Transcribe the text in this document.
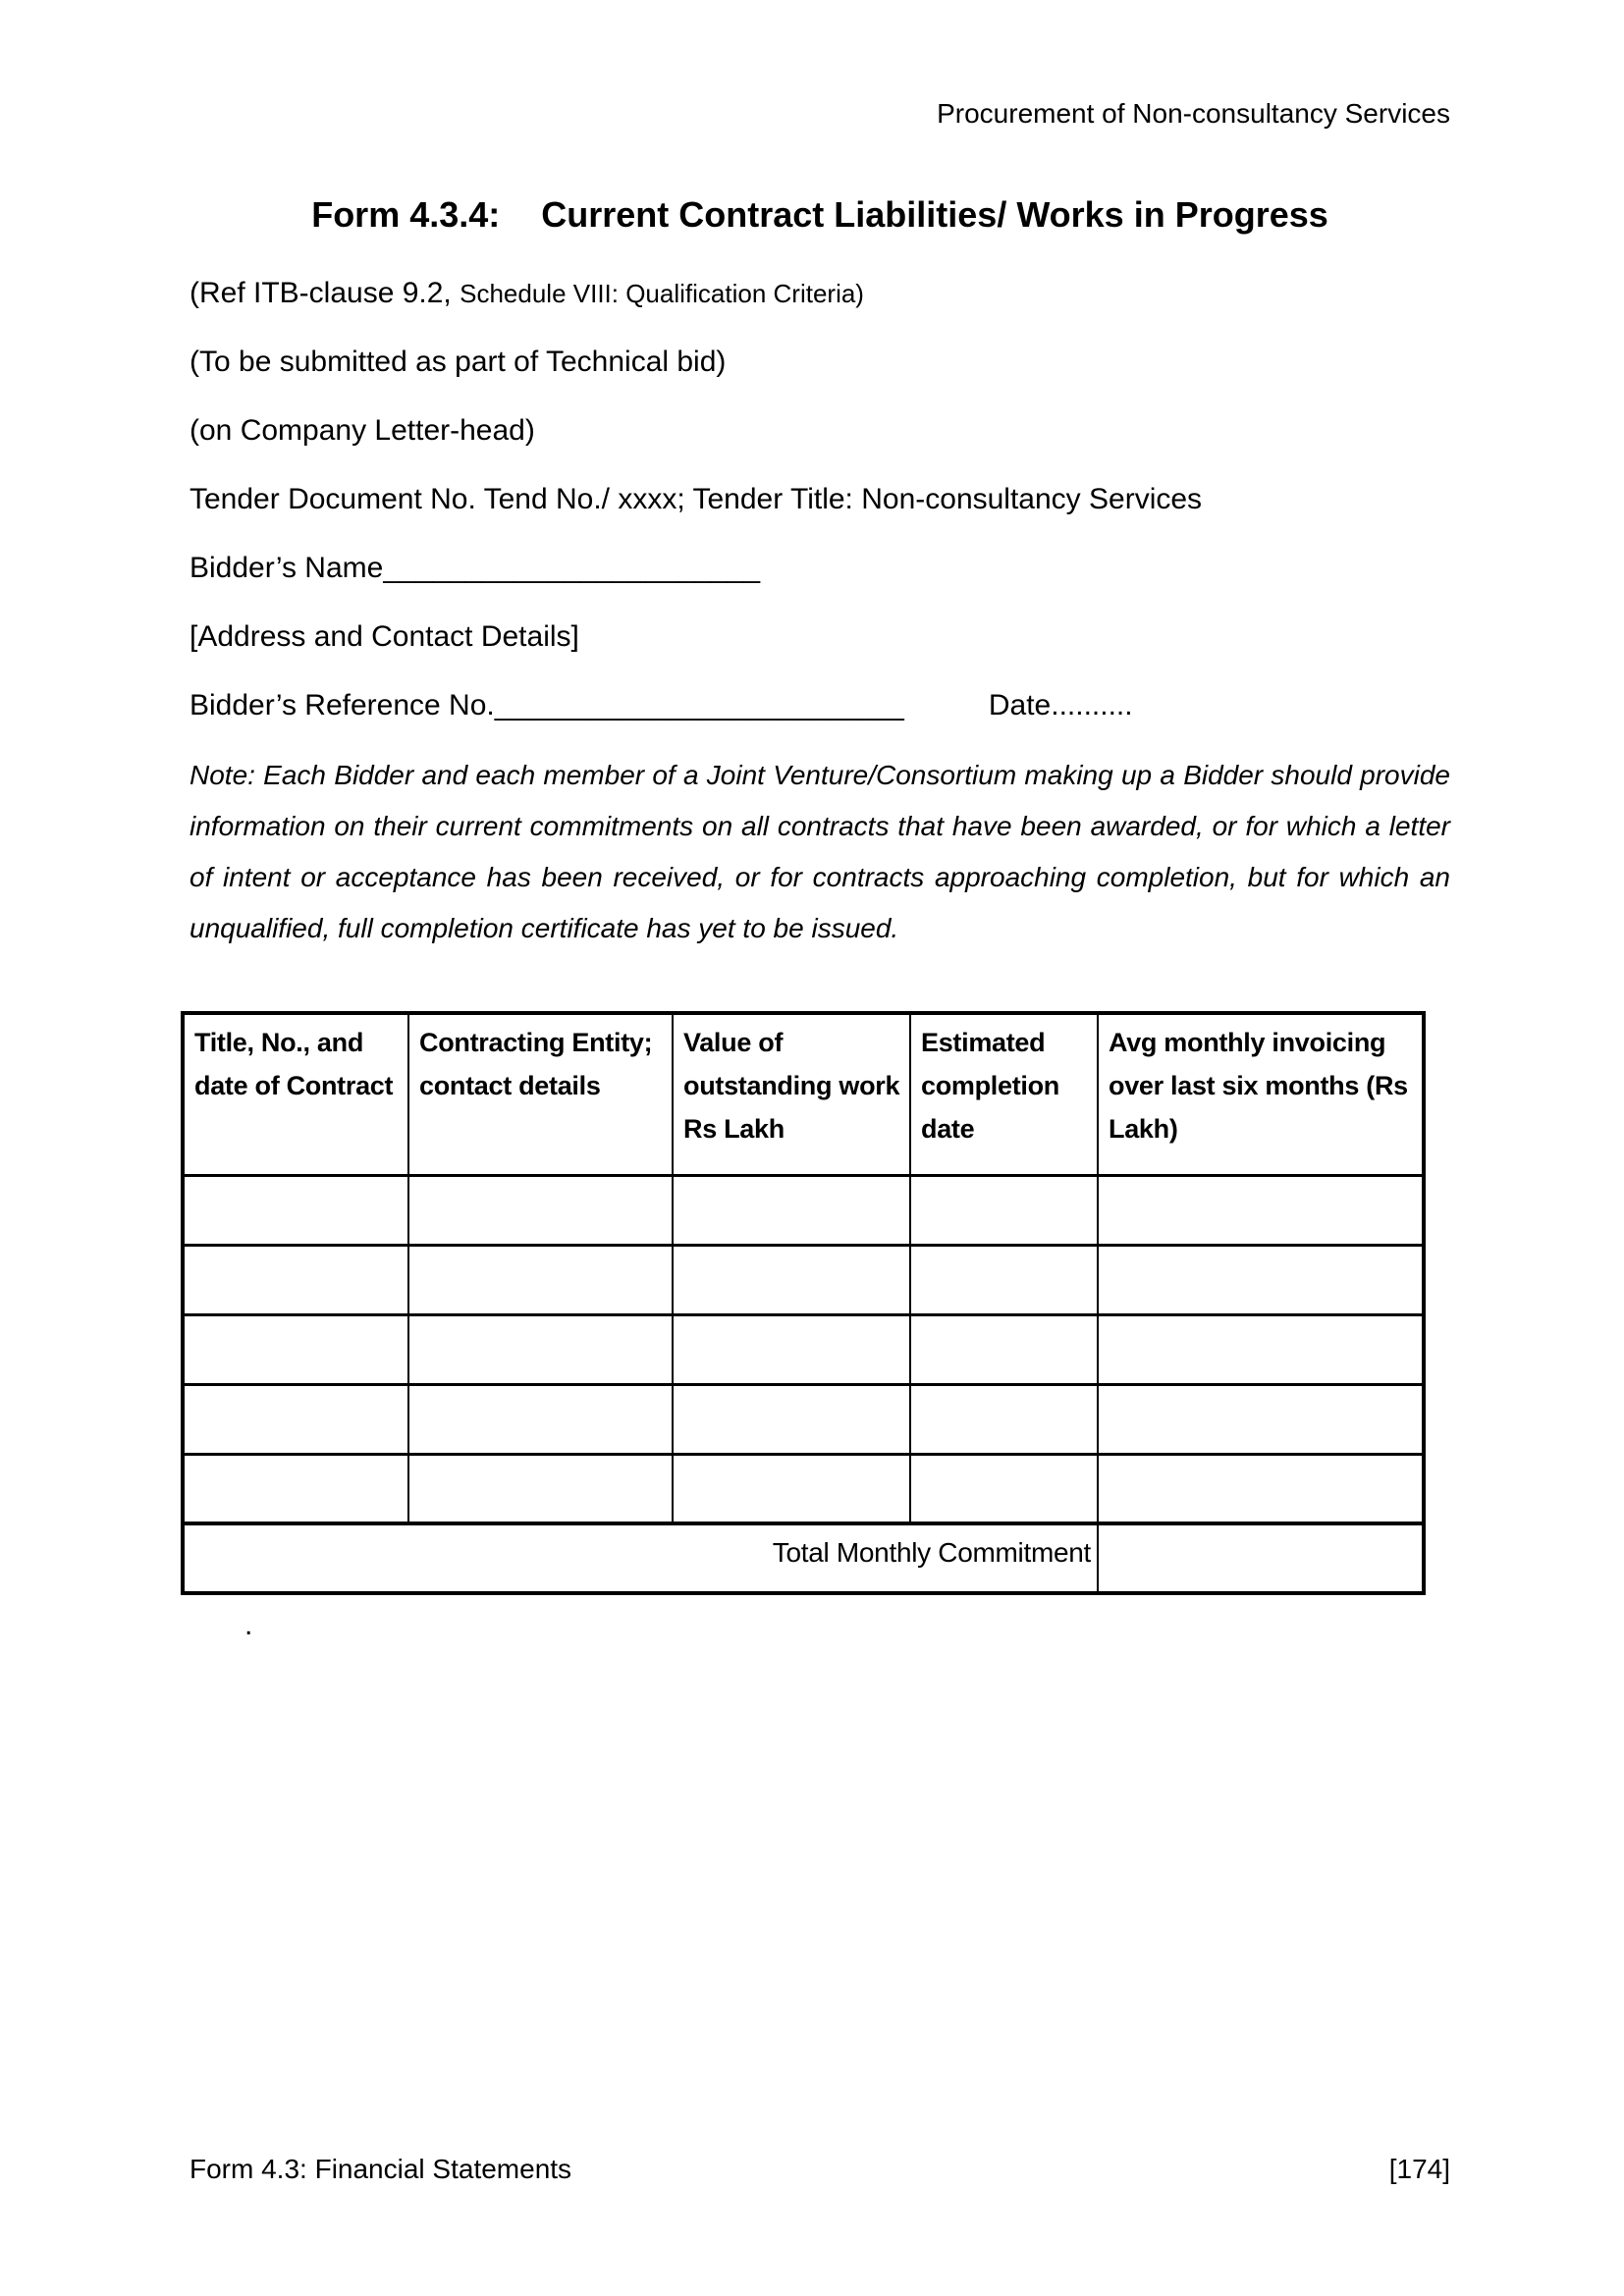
Procurement of Non-consultancy Services
Form 4.3.4: Current Contract Liabilities/ Works in Progress

(Ref ITB-clause 9.2, Schedule VIII: Qualification Criteria)

(To be submitted as part of Technical bid)

(on Company Letter-head)

Tender Document No. Tend No./ xxxx; Tender Title: Non-consultancy Services

Bidder’s Name_______________________

[Address and Contact Details]

Bidder’s Reference No._________________________	Date..........

Note: Each Bidder and each member of a Joint Venture/Consortium making up a Bidder should provide information on their current commitments on all contracts that have been awarded, or for which a letter of intent or acceptance has been received, or for contracts approaching completion, but for which an unqualified, full completion certificate has yet to be issued.

Title, No., and date of Contract	Contracting Entity; contact details	Value of outstanding work Rs Lakh	Estimated completion date	Avg monthly invoicing over last six months (Rs Lakh)

Total Monthly Commitment				

.

Form 4.3: Financial Statements	[174]
